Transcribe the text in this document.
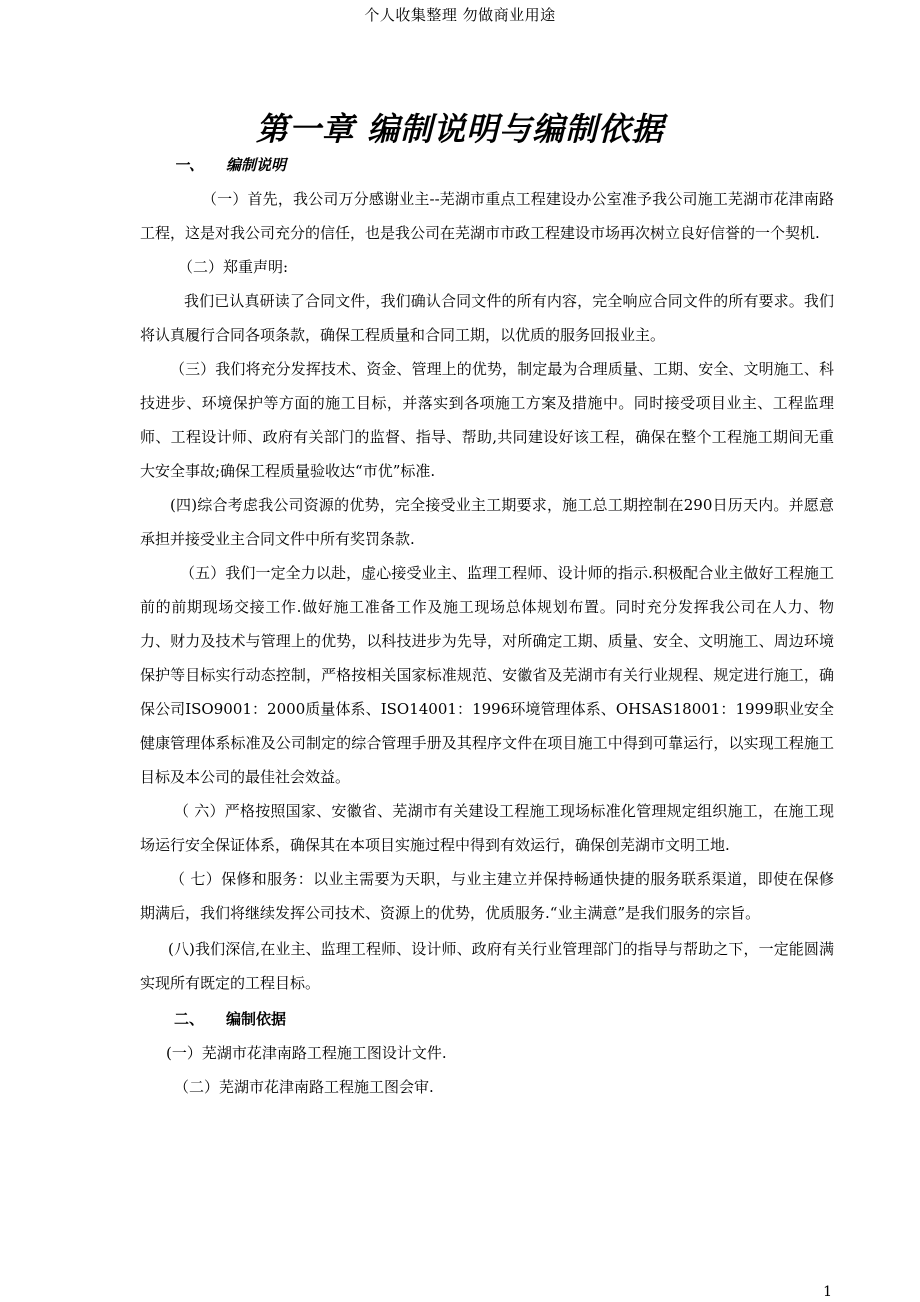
个人收集整理 勿做商业用途
第一章 编制说明与编制依据
一、 编制说明

（一）首先，我公司万分感谢业主--芜湖市重点工程建设办公室准予我公司施工芜湖市花津南路工程，这是对我公司充分的信任，也是我公司在芜湖市市政工程建设市场再次树立良好信誉的一个契机.

（二）郑重声明:

我们已认真研读了合同文件，我们确认合同文件的所有内容，完全响应合同文件的所有要求。我们将认真履行合同各项条款，确保工程质量和合同工期，以优质的服务回报业主。

（三）我们将充分发挥技术、资金、管理上的优势，制定最为合理质量、工期、安全、文明施工、科技进步、环境保护等方面的施工目标，并落实到各项施工方案及措施中。同时接受项目业主、工程监理师、工程设计师、政府有关部门的监督、指导、帮助,共同建设好该工程，确保在整个工程施工期间无重大安全事故;确保工程质量验收达“市优”标准.

(四)综合考虑我公司资源的优势，完全接受业主工期要求，施工总工期控制在290日历天内。并愿意承担并接受业主合同文件中所有奖罚条款.

（五）我们一定全力以赴，虚心接受业主、监理工程师、设计师的指示.积极配合业主做好工程施工前的前期现场交接工作.做好施工准备工作及施工现场总体规划布置。同时充分发挥我公司在人力、物力、财力及技术与管理上的优势，以科技进步为先导，对所确定工期、质量、安全、文明施工、周边环境保护等目标实行动态控制，严格按相关国家标准规范、安徽省及芜湖市有关行业规程、规定进行施工，确保公司ISO9001：2000质量体系、ISO14001：1996环境管理体系、OHSAS18001：1999职业安全健康管理体系标准及公司制定的综合管理手册及其程序文件在项目施工中得到可靠运行，以实现工程施工目标及本公司的最佳社会效益。

（ 六）严格按照国家、安徽省、芜湖市有关建设工程施工现场标准化管理规定组织施工，在施工现场运行安全保证体系，确保其在本项目实施过程中得到有效运行，确保创芜湖市文明工地.

（ 七）保修和服务：以业主需要为天职，与业主建立并保持畅通快捷的服务联系渠道，即使在保修期满后，我们将继续发挥公司技术、资源上的优势，优质服务.“业主满意”是我们服务的宗旨。

(八)我们深信,在业主、监理工程师、设计师、政府有关行业管理部门的指导与帮助之下，一定能圆满实现所有既定的工程目标。

二、 编制依据

(一）芜湖市花津南路工程施工图设计文件.

（二）芜湖市花津南路工程施工图会审.

1
